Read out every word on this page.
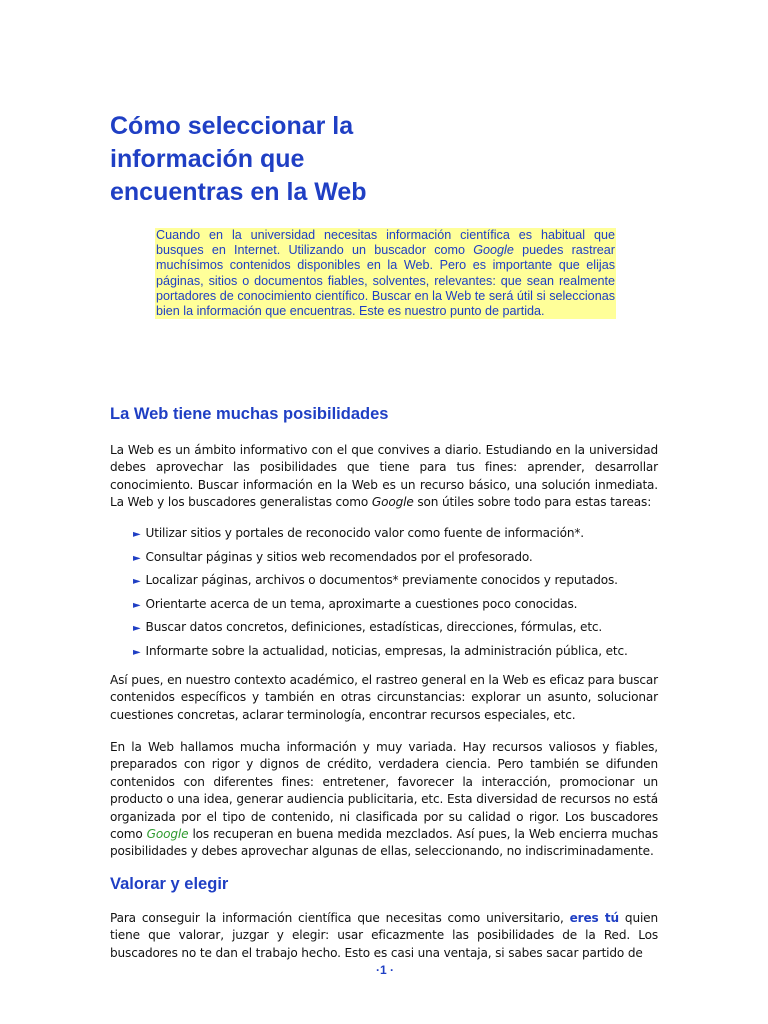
Cómo seleccionar la
información que
encuentras en la Web
Cuando en la universidad necesitas información científica es habitual que busques en Internet. Utilizando un buscador como Google puedes rastrear muchísimos contenidos disponibles en la Web. Pero es importante que elijas páginas, sitios o documentos fiables, solventes, relevantes: que sean realmente portadores de conocimiento científico. Buscar en la Web te será útil si seleccionas bien la información que encuentras. Este es nuestro punto de partida.
La Web tiene muchas posibilidades

La Web es un ámbito informativo con el que convives a diario. Estudiando en la universidad debes aprovechar las posibilidades que tiene para tus fines: aprender, desarrollar conocimiento. Buscar información en la Web es un recurso básico, una solución inmediata. La Web y los buscadores generalistas como Google son útiles sobre todo para estas tareas:

► Utilizar sitios y portales de reconocido valor como fuente de información*.
► Consultar páginas y sitios web recomendados por el profesorado.
► Localizar páginas, archivos o documentos* previamente conocidos y reputados.
► Orientarte acerca de un tema, aproximarte a cuestiones poco conocidas.
► Buscar datos concretos, definiciones, estadísticas, direcciones, fórmulas, etc.
► Informarte sobre la actualidad, noticias, empresas, la administración pública, etc.

Así pues, en nuestro contexto académico, el rastreo general en la Web es eficaz para buscar contenidos específicos y también en otras circunstancias: explorar un asunto, solucionar cuestiones concretas, aclarar terminología, encontrar recursos especiales, etc.

En la Web hallamos mucha información y muy variada. Hay recursos valiosos y fiables, preparados con rigor y dignos de crédito, verdadera ciencia. Pero también se difunden contenidos con diferentes fines: entretener, favorecer la interacción, promocionar un producto o una idea, generar audiencia publicitaria, etc. Esta diversidad de recursos no está organizada por el tipo de contenido, ni clasificada por su calidad o rigor. Los buscadores como Google los recuperan en buena medida mezclados. Así pues, la Web encierra muchas posibilidades y debes aprovechar algunas de ellas, seleccionando, no indiscriminadamente.

Valorar y elegir

Para conseguir la información científica que necesitas como universitario, eres tú quien tiene que valorar, juzgar y elegir: usar eficazmente las posibilidades de la Red. Los buscadores no te dan el trabajo hecho. Esto es casi una ventaja, si sabes sacar partido de

·1 ·
